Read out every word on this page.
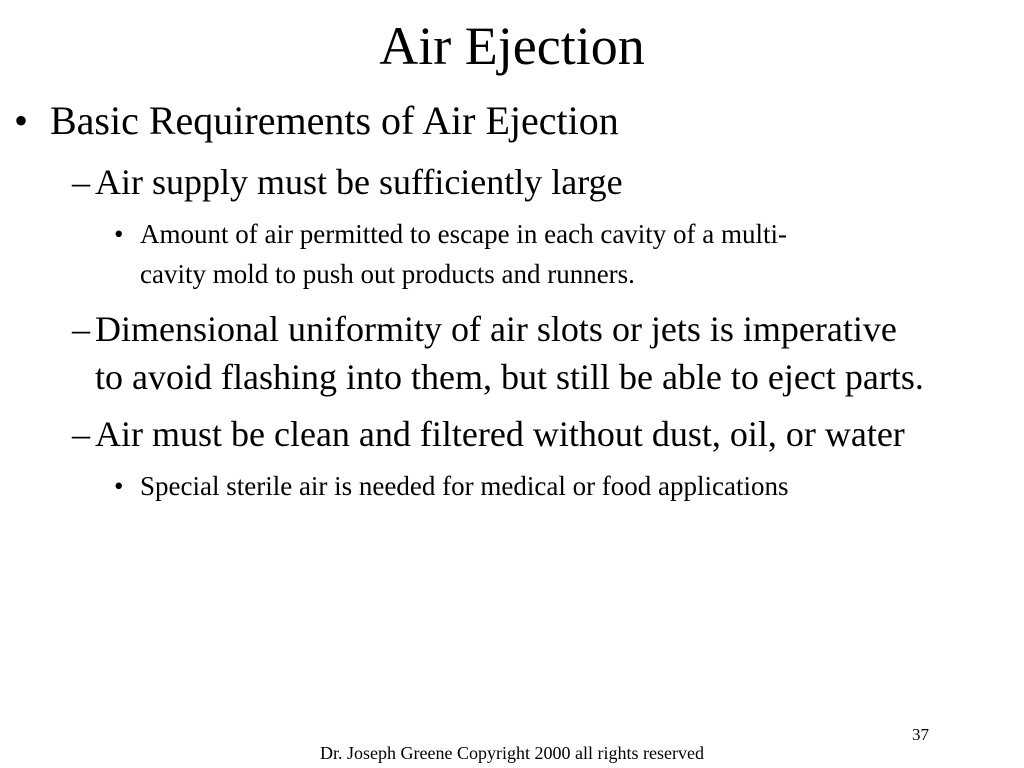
Air Ejection
• Basic Requirements of Air Ejection
– Air supply must be sufficiently large
• Amount of air permitted to escape in each cavity of a multi-
cavity mold to push out products and runners.
– Dimensional uniformity of air slots or jets is imperative
to avoid flashing into them, but still be able to eject parts.
– Air must be clean and filtered without dust, oil, or water
• Special sterile air is needed for medical or food applications
37
Dr. Joseph Greene Copyright 2000 all rights reserved
